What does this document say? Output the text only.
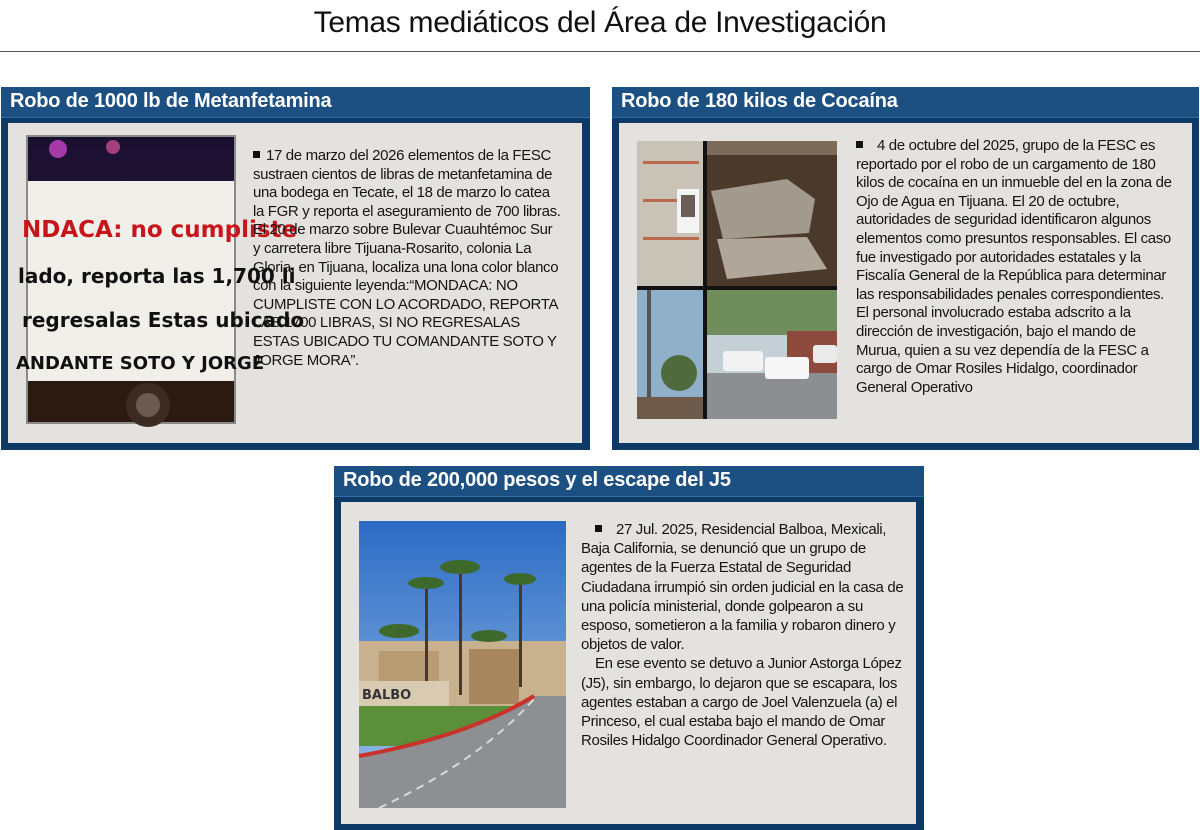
Temas mediáticos del Área de Investigación
Robo de 1000 lb de Metanfetamina
NDACA: no cumpliste
lado, reporta las 1,700 li
regresalas Estas ubicado
ANDANTE SOTO Y JORGE

17 de marzo del 2026 elementos de la FESC sustraen cientos de libras de metanfetamina de una bodega en Tecate, el 18 de marzo lo catea la FGR y reporta el aseguramiento de 700 libras. El 20 de marzo sobre Bulevar Cuauhtémoc Sur y carretera libre Tijuana-Rosarito, colonia La Gloria, en Tijuana, localiza una lona color blanco con la siguiente leyenda:“MONDACA: NO CUMPLISTE CON LO ACORDADO, REPORTA LAS 1700 LIBRAS, SI NO REGRESALAS ESTAS UBICADO TU COMANDANTE SOTO Y JORGE MORA”.

Robo de 180 kilos de Cocaína

4 de octubre del 2025, grupo de la FESC es reportado por el robo de un cargamento de 180 kilos de cocaína en un inmueble del en la zona de Ojo de Agua en Tijuana. El 20 de octubre, autoridades de seguridad identificaron algunos elementos como presuntos responsables. El caso fue investigado por autoridades estatales y la Fiscalía General de la República para determinar las responsabilidades penales correspondientes. El personal involucrado estaba adscrito a la dirección de investigación, bajo el mando de Murua, quien a su vez dependía de la FESC a cargo de Omar Rosiles Hidalgo, coordinador General Operativo

Robo de 200,000 pesos y el escape del J5
BALBO

27 Jul. 2025, Residencial Balboa, Mexicali, Baja California, se denunció que un grupo de agentes de la Fuerza Estatal de Seguridad Ciudadana irrumpió sin orden judicial en la casa de una policía ministerial, donde golpearon a su esposo, sometieron a la familia y robaron dinero y objetos de valor.

En ese evento se detuvo a Junior Astorga López (J5), sin embargo, lo dejaron que se escapara, los agentes estaban a cargo de Joel Valenzuela (a) el Princeso, el cual estaba bajo el mando de Omar Rosiles Hidalgo Coordinador General Operativo.
